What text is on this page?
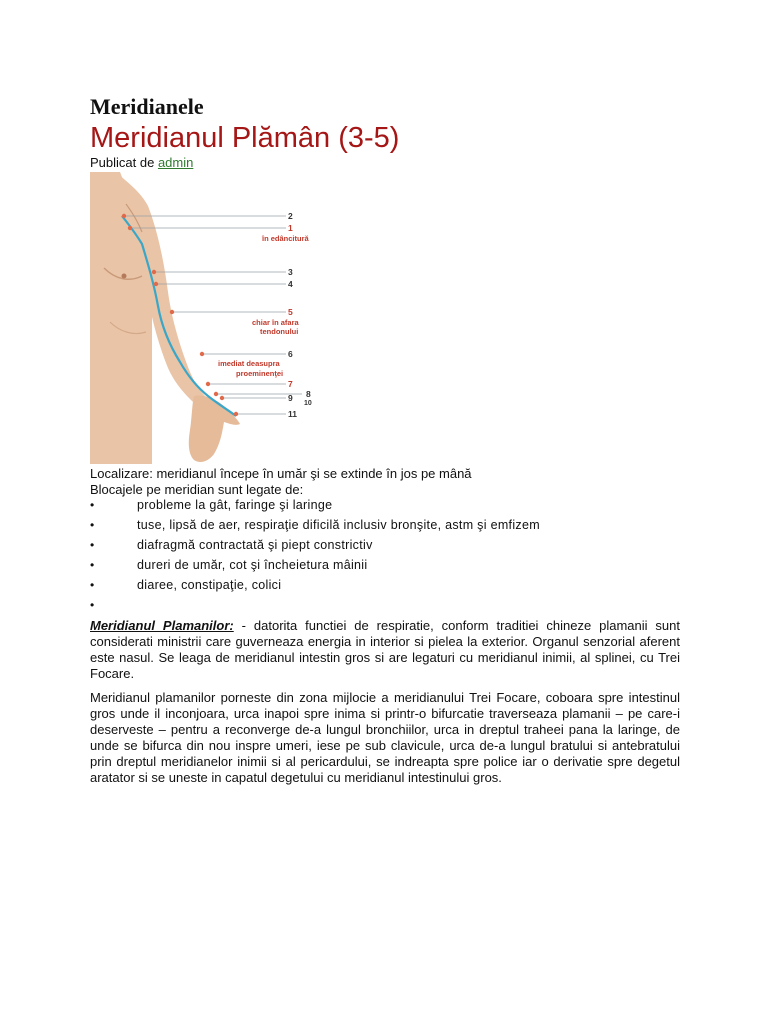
Meridianele
Meridianul Plămân (3-5)
Publicat de admin
2
1
în edâncitură
3
4
5
chiar în afara
tendonului
6
imediat deasupra
proeminenţei
7
8
9
10
11
Localizare: meridianul începe în umăr şi se extinde în jos pe mână
Blocajele pe meridian sunt legate de:
•	probleme la gât, faringe şi laringe
•	tuse, lipsă de aer, respiraţie dificilă inclusiv bronşite, astm şi emfizem
•	diafragmă contractată şi piept constrictiv
•	dureri de umăr, cot şi încheietura mâinii
•	diaree, constipaţie, colici
•

Meridianul Plamanilor: - datorita functiei de respiratie, conform traditiei chineze plamanii sunt considerati ministrii care guverneaza energia in interior si pielea la exterior. Organul senzorial aferent este nasul. Se leaga de meridianul intestin gros si are legaturi cu meridianul inimii, al splinei, cu Trei Focare.

Meridianul plamanilor porneste din zona mijlocie a meridianului Trei Focare, coboara spre intestinul gros unde il inconjoara, urca inapoi spre inima si printr-o bifurcatie traverseaza plamanii – pe care-i deserveste – pentru a reconverge de-a lungul bronchiilor, urca in dreptul traheei pana la laringe, de unde se bifurca din nou inspre umeri, iese pe sub clavicule, urca de-a lungul bratului si antebratului prin dreptul meridianelor inimii si al pericardului, se indreapta spre police iar o derivatie spre degetul aratator si se uneste in capatul degetului cu meridianul intestinului gros.
